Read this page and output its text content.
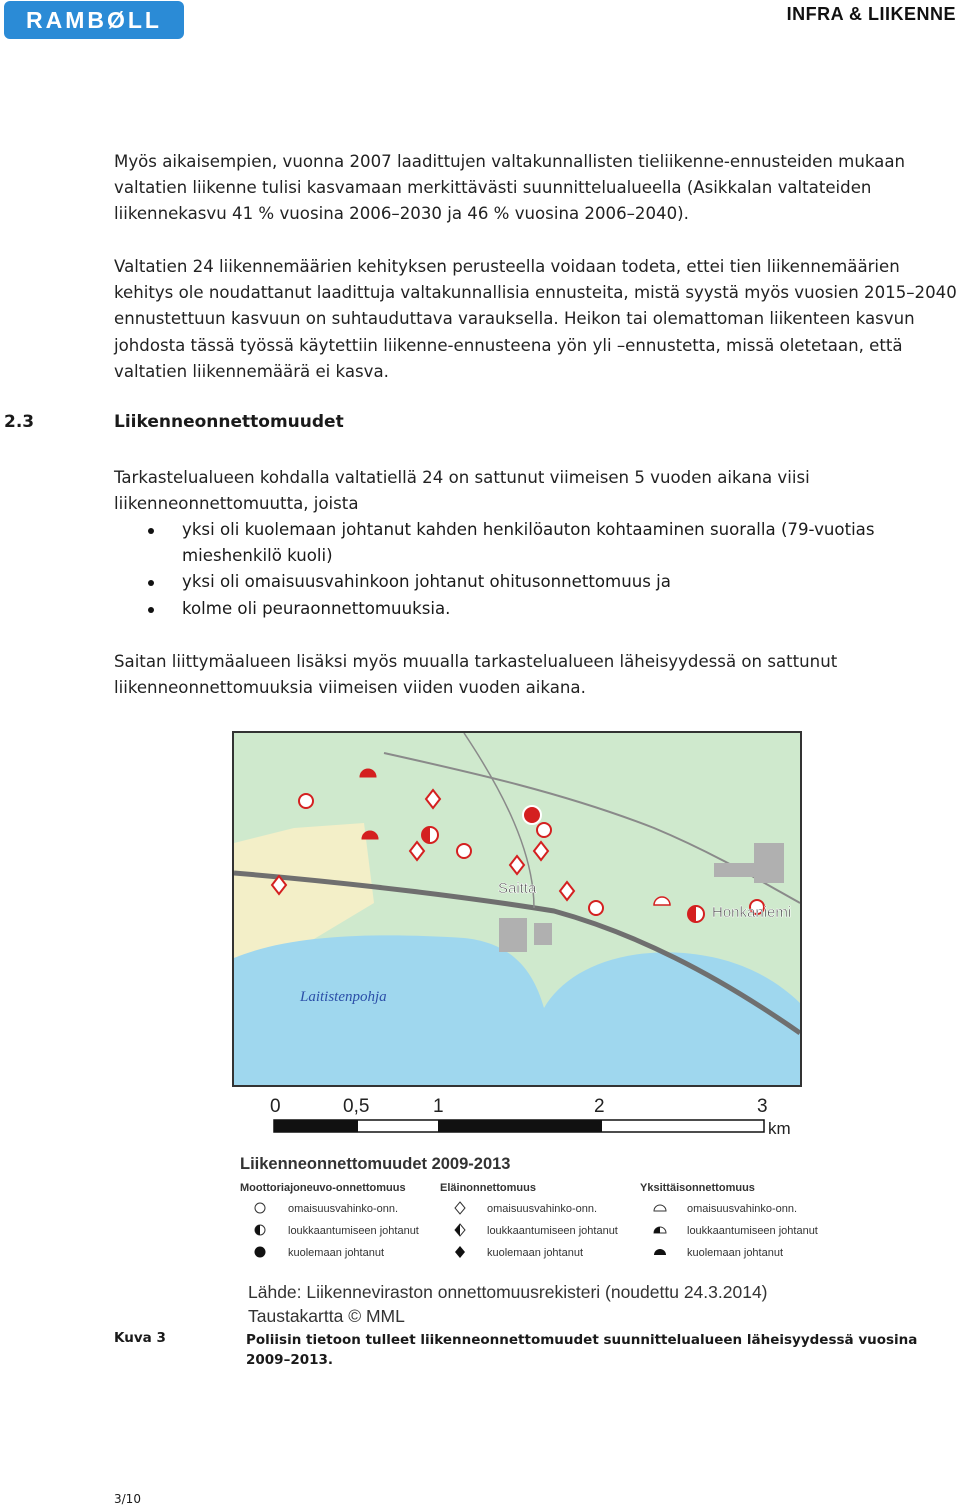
RAMBØLL	INFRA & LIIKENNE

Myös aikaisempien, vuonna 2007 laadittujen valtakunnallisten tieliikenne-ennusteiden mukaan valtatien liikenne tulisi kasvamaan merkittävästi suunnittelualueella (Asikkalan valtateiden liikennekasvu 41 % vuosina 2006–2030 ja 46 % vuosina 2006–2040).

Valtatien 24 liikennemäärien kehityksen perusteella voidaan todeta, ettei tien liikennemäärien kehitys ole noudattanut laadittuja valtakunnallisia ennusteita, mistä syystä myös vuosien 2015–2040 ennustettuun kasvuun on suhtauduttava varauksella. Heikon tai olemattoman liikenteen kasvun johdosta tässä työssä käytettiin liikenne-ennusteena yön yli –ennustetta, missä oletetaan, että valtatien liikennemäärä ei kasva.

2.3	Liikenneonnettomuudet

Tarkastelualueen kohdalla valtatiellä 24 on sattunut viimeisen 5 vuoden aikana viisi liikenneonnettomuutta, joista

yksi oli kuolemaan johtanut kahden henkilöauton kohtaaminen suoralla (79-vuotias mieshenkilö kuoli)
yksi oli omaisuusvahinkoon johtanut ohitusonnettomuus ja
kolme oli peuraonnettomuuksia.

Saitan liittymäalueen lisäksi myös muualla tarkastelualueen läheisyydessä on sattunut liikenneonnettomuuksia viimeisen viiden vuoden aikana.

Saitta
Honkaniemi
Laitistenpohja
0	0,5	1	2	3
km
Liikenneonnettomuudet 2009-2013
Moottoriajoneuvo-onnettomuus
omaisuusvahinko-onn.
loukkaantumiseen johtanut
kuolemaan johtanut
Eläinonnettomuus
omaisuusvahinko-onn.
loukkaantumiseen johtanut
kuolemaan johtanut
Yksittäisonnettomuus
omaisuusvahinko-onn.
loukkaantumiseen johtanut
kuolemaan johtanut
Lähde: Liikenneviraston onnettomuusrekisteri (noudettu 24.3.2014)
Taustakartta © MML
Kuva 3	Poliisin tietoon tulleet liikenneonnettomuudet suunnittelualueen läheisyydessä vuosina 2009–2013.
3/10
